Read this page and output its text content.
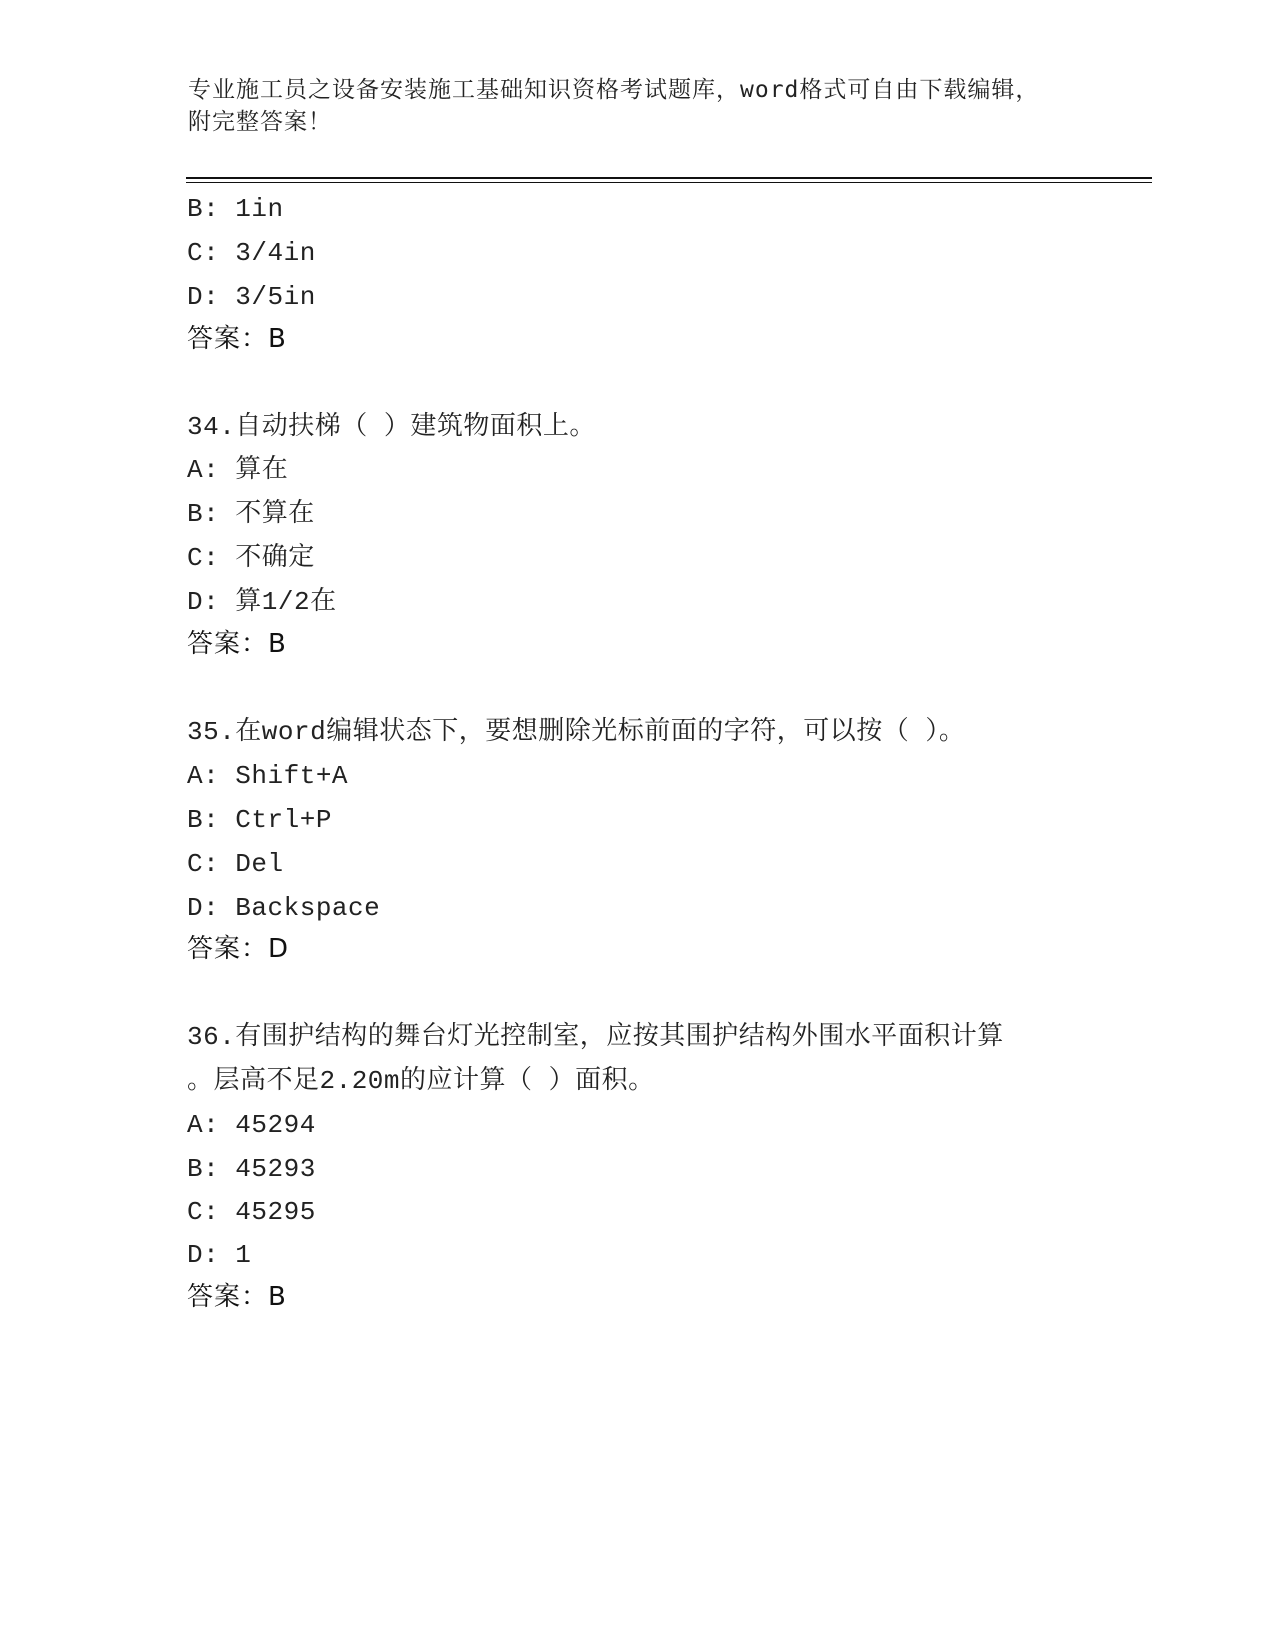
专业施工员之设备安装施工基础知识资格考试题库，word格式可自由下载编辑，
附完整答案！
B: 1in
C: 3/4in
D: 3/5in
答案：B
34.自动扶梯（ ）建筑物面积上。
A: 算在
B: 不算在
C: 不确定
D: 算1/2在
答案：B
35.在word编辑状态下，要想删除光标前面的字符，可以按（ ）。
A: Shift+A
B: Ctrl+P
C: Del
D: Backspace
答案：D
36.有围护结构的舞台灯光控制室，应按其围护结构外围水平面积计算
。层高不足2.20m的应计算（ ）面积。
A: 45294
B: 45293
C: 45295
D: 1
答案：B
